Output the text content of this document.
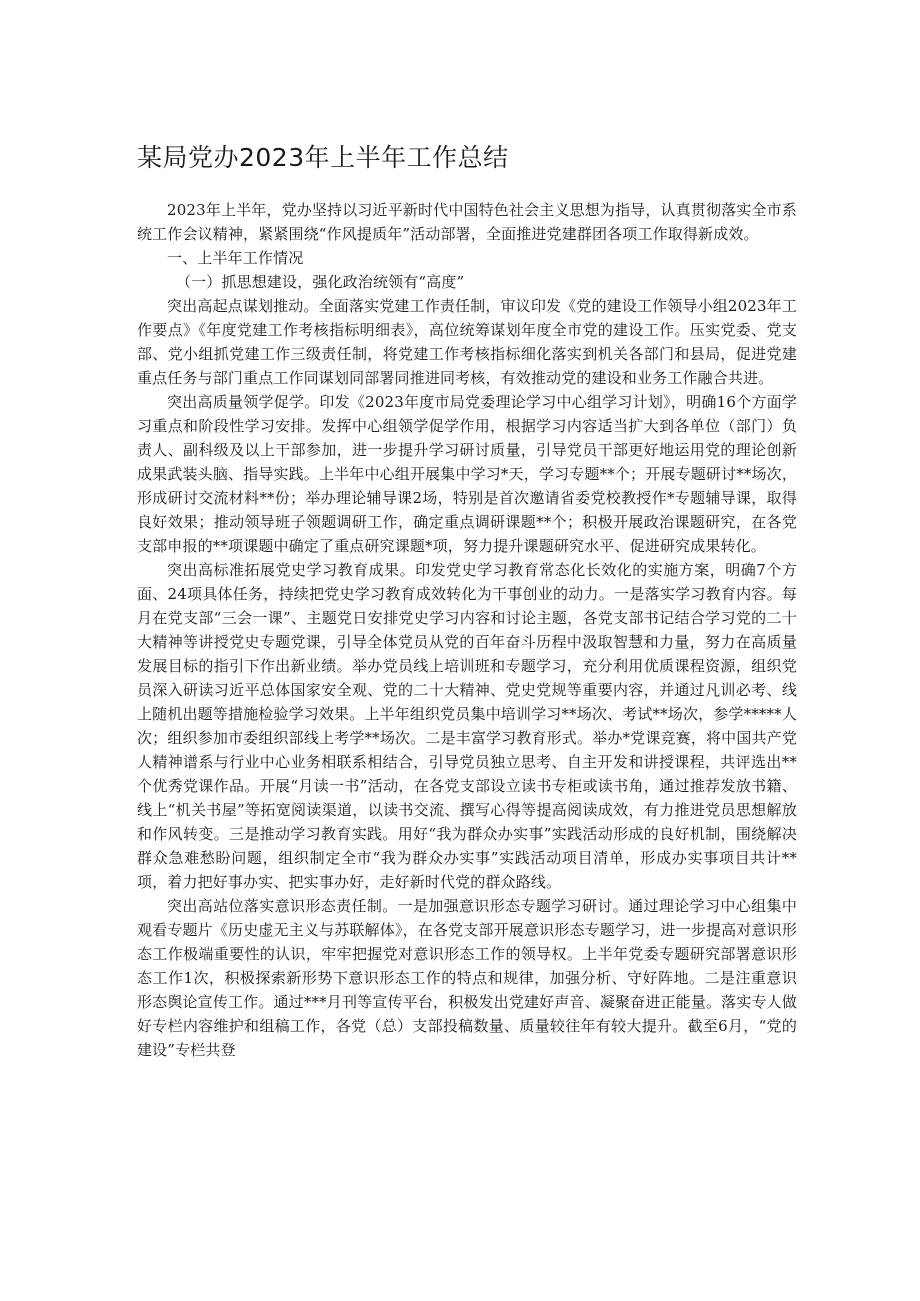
某局党办2023年上半年工作总结

2023年上半年，党办坚持以习近平新时代中国特色社会主义思想为指导，认真贯彻落实全市系统工作会议精神，紧紧围绕“作风提质年”活动部署，全面推进党建群团各项工作取得新成效。

一、上半年工作情况

（一）抓思想建设，强化政治统领有“高度”

突出高起点谋划推动。全面落实党建工作责任制，审议印发《党的建设工作领导小组2023年工作要点》《年度党建工作考核指标明细表》，高位统筹谋划年度全市党的建设工作。压实党委、党支部、党小组抓党建工作三级责任制，将党建工作考核指标细化落实到机关各部门和县局，促进党建重点任务与部门重点工作同谋划同部署同推进同考核，有效推动党的建设和业务工作融合共进。

突出高质量领学促学。印发《2023年度市局党委理论学习中心组学习计划》，明确16个方面学习重点和阶段性学习安排。发挥中心组领学促学作用，根据学习内容适当扩大到各单位（部门）负责人、副科级及以上干部参加，进一步提升学习研讨质量，引导党员干部更好地运用党的理论创新成果武装头脑、指导实践。上半年中心组开展集中学习*天，学习专题**个；开展专题研讨**场次，形成研讨交流材料**份；举办理论辅导课2场，特别是首次邀请省委党校教授作*专题辅导课，取得良好效果；推动领导班子领题调研工作，确定重点调研课题**个；积极开展政治课题研究，在各党支部申报的**项课题中确定了重点研究课题*项，努力提升课题研究水平、促进研究成果转化。

突出高标准拓展党史学习教育成果。印发党史学习教育常态化长效化的实施方案，明确7个方面、24项具体任务，持续把党史学习教育成效转化为干事创业的动力。一是落实学习教育内容。每月在党支部“三会一课”、主题党日安排党史学习内容和讨论主题，各党支部书记结合学习党的二十大精神等讲授党史专题党课，引导全体党员从党的百年奋斗历程中汲取智慧和力量，努力在高质量发展目标的指引下作出新业绩。举办党员线上培训班和专题学习，充分利用优质课程资源，组织党员深入研读习近平总体国家安全观、党的二十大精神、党史党规等重要内容，并通过凡训必考、线上随机出题等措施检验学习效果。上半年组织党员集中培训学习**场次、考试**场次，参学*****人次；组织参加市委组织部线上考学**场次。二是丰富学习教育形式。举办*党课竞赛，将中国共产党人精神谱系与行业中心业务相联系相结合，引导党员独立思考、自主开发和讲授课程，共评选出**个优秀党课作品。开展“月读一书”活动，在各党支部设立读书专柜或读书角，通过推荐发放书籍、线上“机关书屋”等拓宽阅读渠道，以读书交流、撰写心得等提高阅读成效，有力推进党员思想解放和作风转变。三是推动学习教育实践。用好“我为群众办实事”实践活动形成的良好机制，围绕解决群众急难愁盼问题，组织制定全市“我为群众办实事”实践活动项目清单，形成办实事项目共计**项，着力把好事办实、把实事办好，走好新时代党的群众路线。

突出高站位落实意识形态责任制。一是加强意识形态专题学习研讨。通过理论学习中心组集中观看专题片《历史虚无主义与苏联解体》，在各党支部开展意识形态专题学习，进一步提高对意识形态工作极端重要性的认识，牢牢把握党对意识形态工作的领导权。上半年党委专题研究部署意识形态工作1次，积极探索新形势下意识形态工作的特点和规律，加强分析、守好阵地。二是注重意识形态舆论宣传工作。通过***月刊等宣传平台，积极发出党建好声音、凝聚奋进正能量。落实专人做好专栏内容维护和组稿工作，各党（总）支部投稿数量、质量较往年有较大提升。截至6月，“党的建设”专栏共登
